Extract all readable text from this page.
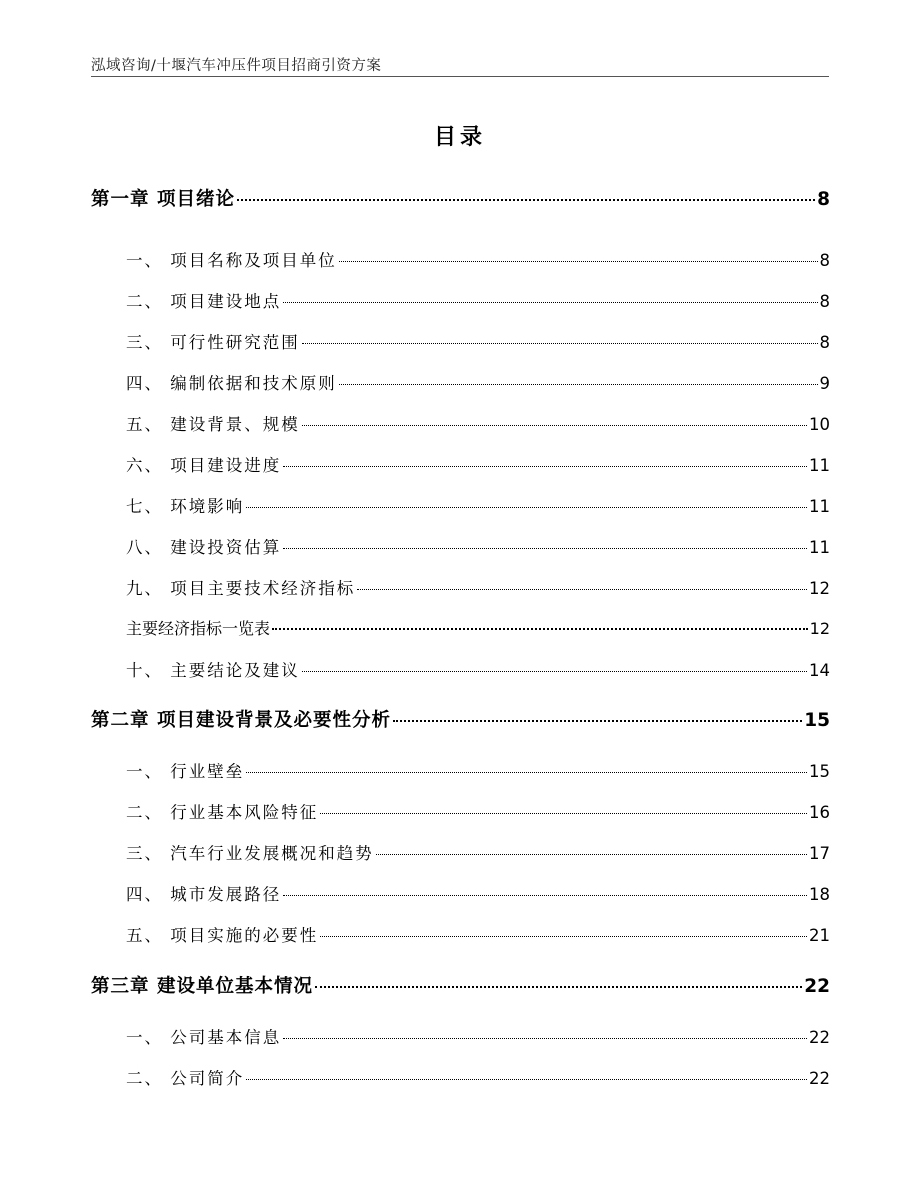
泓域咨询/十堰汽车冲压件项目招商引资方案
目录
第一章 项目绪论	8
一、 项目名称及项目单位	8
二、 项目建设地点	8
三、 可行性研究范围	8
四、 编制依据和技术原则	9
五、 建设背景、规模	10
六、 项目建设进度	11
七、 环境影响	11
八、 建设投资估算	11
九、 项目主要技术经济指标	12
主要经济指标一览表	12
十、 主要结论及建议	14
第二章 项目建设背景及必要性分析	15
一、 行业壁垒	15
二、 行业基本风险特征	16
三、 汽车行业发展概况和趋势	17
四、 城市发展路径	18
五、 项目实施的必要性	21
第三章 建设单位基本情况	22
一、 公司基本信息	22
二、 公司简介	22
